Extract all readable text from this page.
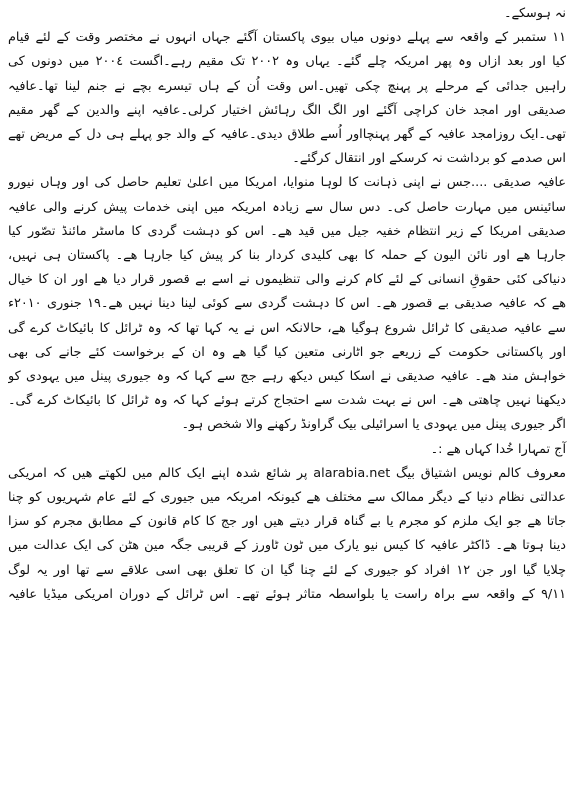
نہ ہوسکے۔
١١ ستمبر کے واقعہ سے پہلے دونوں میاں بیوی پاکستان آگئے جہاں انہوں نے مختصر وقت کے لئے قیام
کیا اور بعد ازاں وہ پھر امریکہ چلے گئے۔ یہاں وہ ٢٠٠٢ تک مقیم رہے۔اگست ٢٠٠٤ میں دونوں کی
راہیں جدائی کے مرحلے پر پہنچ چکی تھیں۔اس وقت اُن کے ہاں تیسرے بچے نے جنم لینا تھا۔عافیہ
صدیقی اور امجد خان کراچی آگئے اور الگ الگ رہائش اختیار کرلی۔عافیہ اپنے والدین کے گھر مقیم
تھی۔ایک روزامجد عافیہ کے گھر پہنچااور اُسے طلاق دیدی۔عافیہ کے والد جو پہلے ہی دل کے مریض تھے
اس صدمے کو برداشت نہ کرسکے اور انتقال کرگئے۔
عافیہ صدیقی ....جس نے اپنی ذہانت کا لوہا منوایا، امریکا میں اعلیٰ تعلیم حاصل کی اور وہاں نیورو
سائینس میں مہارت حاصل کی۔ دس سال سے زیادہ امریکہ میں اپنی خدمات پیش کرنے والی عافیہ
صدیقی امریکا کے زیر انتظام خفیہ جیل میں قید ھے۔ اس کو دہشت گردی کا ماسٹر مائنڈ تصّور کیا
جارہا ھے اور نائن الیون کے حملہ کا بھی کلیدی کردار بنا کر پیش کیا جارہا ھے۔ پاکستان ہی نہیں،
دنیاکی کئی حقوقِ انسانی کے لئے کام کرنے والی تنظیموں نے اسے بے قصور قرار دیا ھے اور ان کا خیال
ھے کہ عافیہ صدیقی بے قصور ھے۔ اس کا دہشت گردی سے کوئی لینا دینا نہیں ھے۔١٩ جنوری ٢٠١٠ء
سے عافیہ صدیقی کا ٹرائل شروع ہوگیا ھے، حالانکہ اس نے یہ کہا تھا کہ وہ ٹرائل کا بائیکاٹ کرے گی
اور پاکستانی حکومت کے زریعے جو اٹارنی متعین کیا گیا ھے وہ ان کے برخواست کئے جانے کی بھی
خواہش مند ھے۔ عافیہ صدیقی نے اسکا کیس دیکھ رہے جج سے کہا کہ وہ جیوری پینل میں یہودی کو
دیکھنا نہیں چاھتی ھے۔ اس نے بہت شدت سے احتجاج کرتے ہوئے کہا کہ وہ ٹرائل کا بائیکاٹ کرے گی۔
اگر جیوری پینل میں یہودی یا اسرائیلی بیک گراونڈ رکھنے والا شخص ہو۔
آج تمہارا خُدا کہاں ھے :۔
معروف کالم نویس اشتیاق بیگ alarabia.net پر شائع شدہ اپنے ایک کالم میں لکھتے ھیں کہ امریکی
عدالتی نظام دنیا کے دیگر ممالک سے مختلف ھے کیونکہ امریکہ میں جیوری کے لئے عام شہریوں کو چنا
جاتا ھے جو ایک ملزم کو مجرم یا بے گناہ قرار دیتے ھیں اور جج کا کام قانون کے مطابق مجرم کو سزا
دینا ہوتا ھے۔ ڈاکٹر عافیہ کا کیس نیو یارک میں ٹون ٹاورز کے قریبی جگہ مین ھٹن کی ایک عدالت میں
چلایا گیا اور جن ١٢ افراد کو جیوری کے لئے چنا گیا ان کا تعلق بھی اسی علاقے سے تھا اور یہ لوگ
٩/١١ کے واقعہ سے براہ راست یا بلواسطہ متاثر ہوئے تھے۔ اس ٹرائل کے دوران امریکی میڈیا عافیہ
